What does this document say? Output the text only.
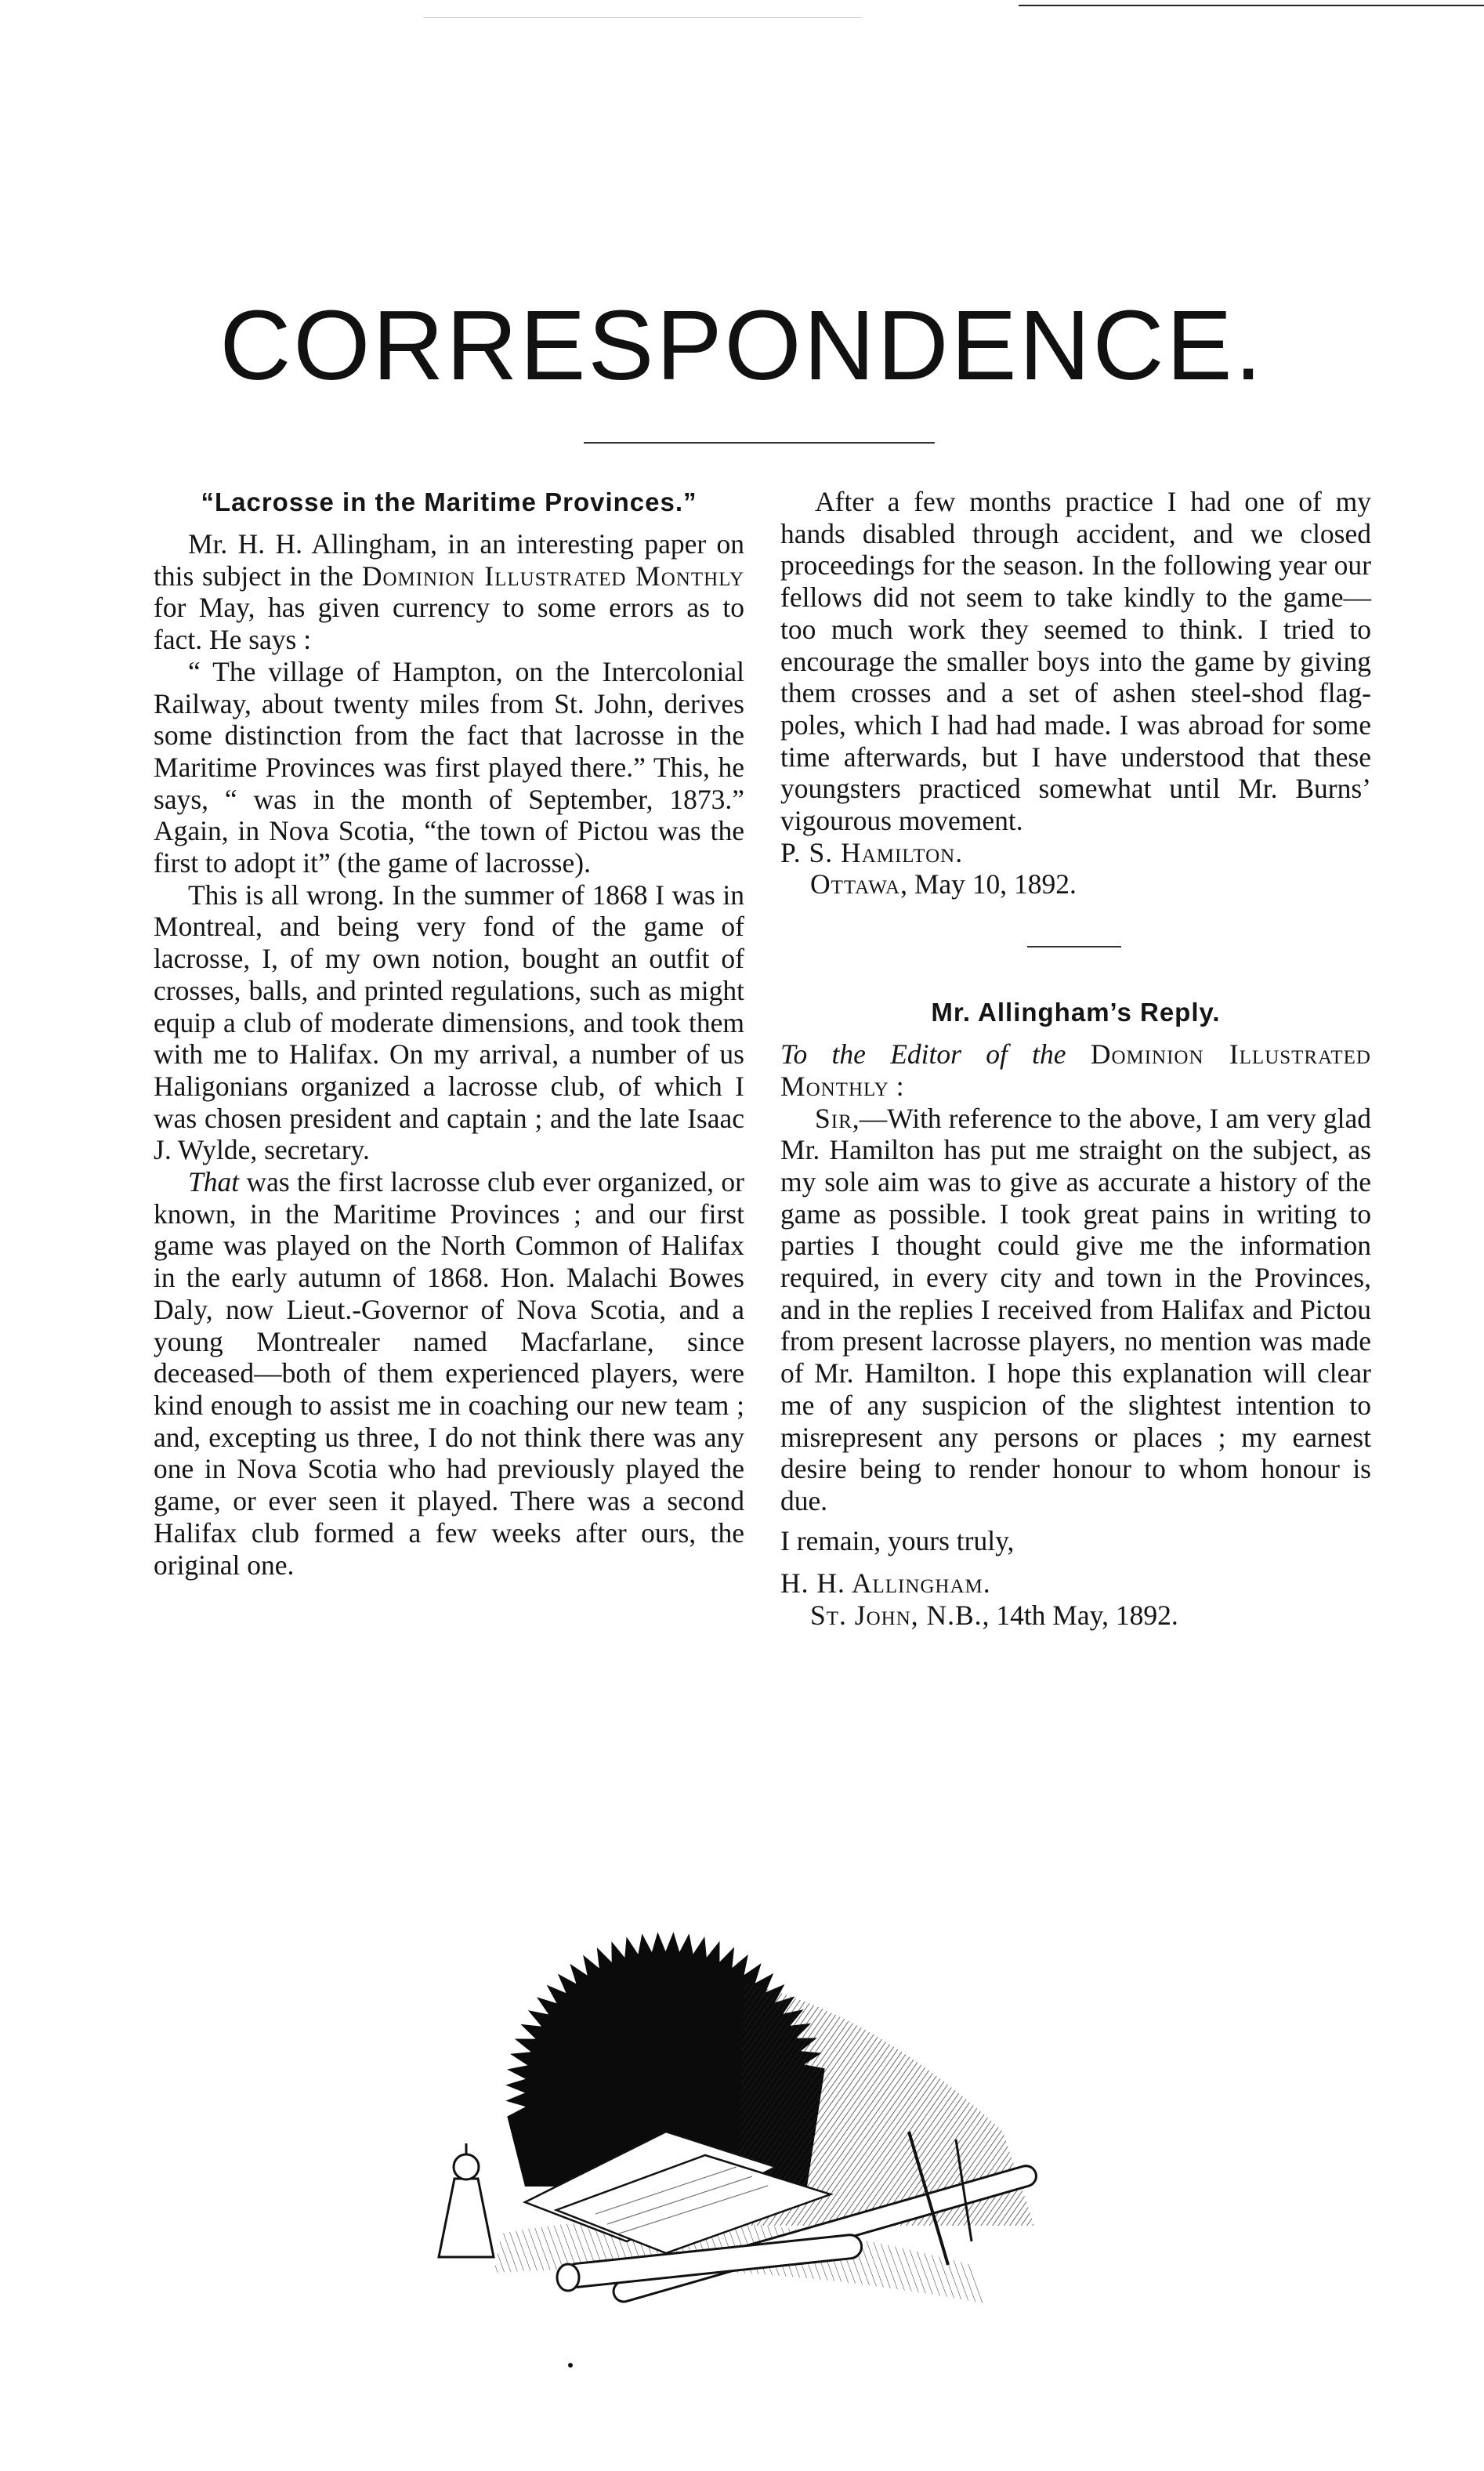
CORRESPONDENCE.
“Lacrosse in the Maritime Provinces.”

Mr. H. H. Allingham, in an interesting paper on this subject in the Dominion Illustrated Monthly for May, has given currency to some errors as to fact. He says :

“ The village of Hampton, on the Intercolonial Railway, about twenty miles from St. John, derives some distinction from the fact that lacrosse in the Maritime Provinces was first played there.” This, he says, “ was in the month of September, 1873.” Again, in Nova Scotia, “the town of Pictou was the first to adopt it” (the game of lacrosse).

This is all wrong. In the summer of 1868 I was in Montreal, and being very fond of the game of lacrosse, I, of my own notion, bought an outfit of crosses, balls, and printed regulations, such as might equip a club of moderate dimensions, and took them with me to Halifax. On my arrival, a number of us Haligonians organized a lacrosse club, of which I was chosen president and captain ; and the late Isaac J. Wylde, secretary.

That was the first lacrosse club ever organized, or known, in the Maritime Provinces ; and our first game was played on the North Common of Halifax in the early autumn of 1868. Hon. Malachi Bowes Daly, now Lieut.-Governor of Nova Scotia, and a young Montrealer named Macfarlane, since deceased—both of them experienced players, were kind enough to assist me in coaching our new team ; and, excepting us three, I do not think there was any one in Nova Scotia who had previously played the game, or ever seen it played. There was a second Halifax club formed a few weeks after ours, the original one.

After a few months practice I had one of my hands disabled through accident, and we closed proceedings for the season. In the following year our fellows did not seem to take kindly to the game—too much work they seemed to think. I tried to encourage the smaller boys into the game by giving them crosses and a set of ashen steel-shod flag-poles, which I had had made. I was abroad for some time afterwards, but I have understood that these youngsters practiced somewhat until Mr. Burns’ vigourous movement.

P. S. Hamilton.

Ottawa, May 10, 1892.

Mr. Allingham’s Reply.

To the Editor of the Dominion Illustrated Monthly :

Sir,—With reference to the above, I am very glad Mr. Hamilton has put me straight on the subject, as my sole aim was to give as accurate a history of the game as possible. I took great pains in writing to parties I thought could give me the information required, in every city and town in the Provinces, and in the replies I received from Halifax and Pictou from present lacrosse players, no mention was made of Mr. Hamilton. I hope this explanation will clear me of any suspicion of the slightest intention to misrepresent any persons or places ; my earnest desire being to render honour to whom honour is due.

I remain, yours truly,

H. H. Allingham.

St. John, N.B., 14th May, 1892.
